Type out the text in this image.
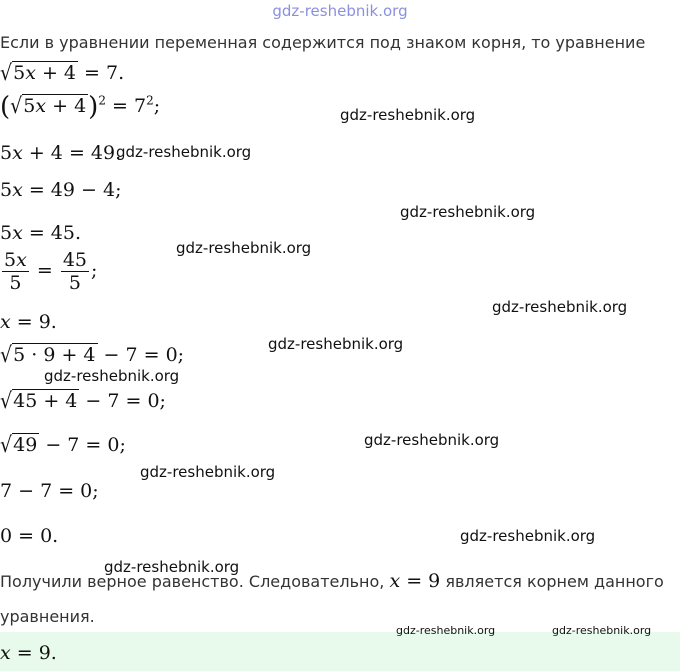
gdz-reshebnik.org
Если в уравнении переменная содержится под знаком корня, то уравнение
√5x + 4 = 7.
$(√5x + 4)^2 = 7^2$;
5x + 4 = 49.
5x = 49 − 4;
5x = 45.
$\frac{5x}{5} = \frac{45}{5}$ ;
x = 9.
√5 · 9 + 4 − 7 = 0;
√45 + 4 − 7 = 0;
√49 − 7 = 0;
7 − 7 = 0;
0 = 0.
Получили верное равенство. Следовательно, x = 9 является корнем данного
уравнения.
x = 9.
gdz-reshebnik.org
gdz-reshebnik.org
gdz-reshebnik.org
gdz-reshebnik.org
gdz-reshebnik.org
gdz-reshebnik.org
gdz-reshebnik.org
gdz-reshebnik.org
gdz-reshebnik.org
gdz-reshebnik.org
gdz-reshebnik.org
gdz-reshebnik.org	gdz-reshebnik.org
